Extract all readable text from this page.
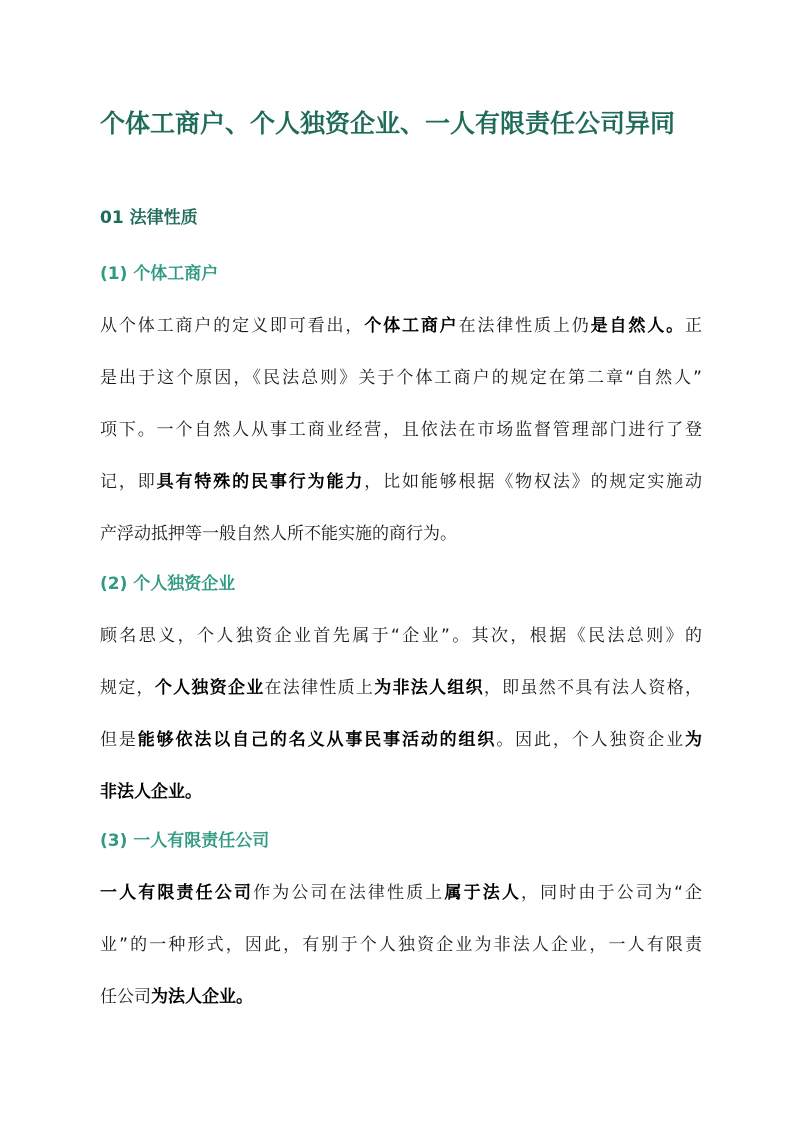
个体工商户、个人独资企业、一人有限责任公司异同
01 法律性质
(1) 个体工商户
从个体工商户的定义即可看出，个体工商户在法律性质上仍是自然人。正
是出于这个原因，《民法总则》关于个体工商户的规定在第二章“自然人”
项下。一个自然人从事工商业经营，且依法在市场监督管理部门进行了登
记，即具有特殊的民事行为能力，比如能够根据《物权法》的规定实施动
产浮动抵押等一般自然人所不能实施的商行为。
(2) 个人独资企业
顾名思义，个人独资企业首先属于“企业”。其次，根据《民法总则》的
规定，个人独资企业在法律性质上为非法人组织，即虽然不具有法人资格，
但是能够依法以自己的名义从事民事活动的组织。因此，个人独资企业为
非法人企业。
(3) 一人有限责任公司
一人有限责任公司作为公司在法律性质上属于法人，同时由于公司为“企
业”的一种形式，因此，有别于个人独资企业为非法人企业，一人有限责
任公司为法人企业。
